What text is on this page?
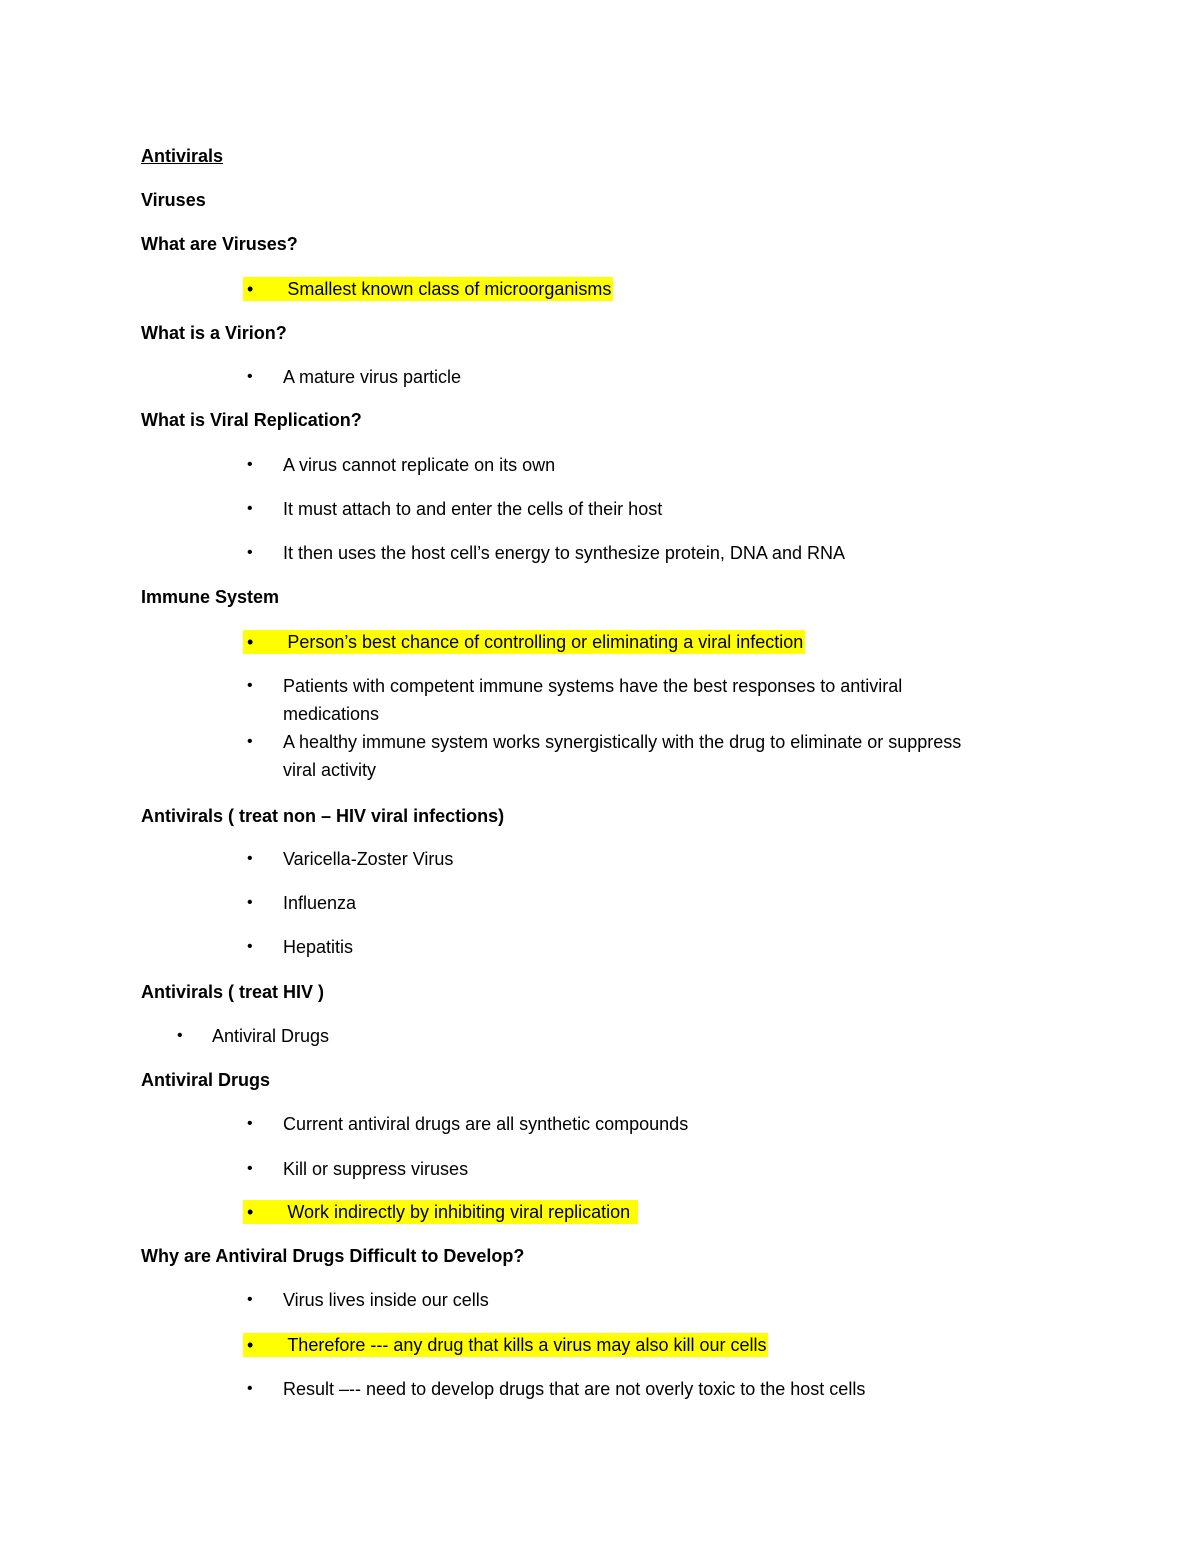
Antivirals
Viruses
What are Viruses?
• Smallest known class of microorganisms
What is a Virion?
• A mature virus particle
What is Viral Replication?
• A virus cannot replicate on its own
• It must attach to and enter the cells of their host
• It then uses the host cell’s energy to synthesize protein, DNA and RNA
Immune System
• Person’s best chance of controlling or eliminating a viral infection
• Patients with competent immune systems have the best responses to antiviral
medications
• A healthy immune system works synergistically with the drug to eliminate or suppress
viral activity
Antivirals ( treat non – HIV viral infections)
• Varicella-Zoster Virus
• Influenza
• Hepatitis
Antivirals ( treat HIV )
• Antiviral Drugs
Antiviral Drugs
• Current antiviral drugs are all synthetic compounds
• Kill or suppress viruses
• Work indirectly by inhibiting viral replication
Why are Antiviral Drugs Difficult to Develop?
• Virus lives inside our cells
• Therefore --- any drug that kills a virus may also kill our cells
• Result –-- need to develop drugs that are not overly toxic to the host cells
